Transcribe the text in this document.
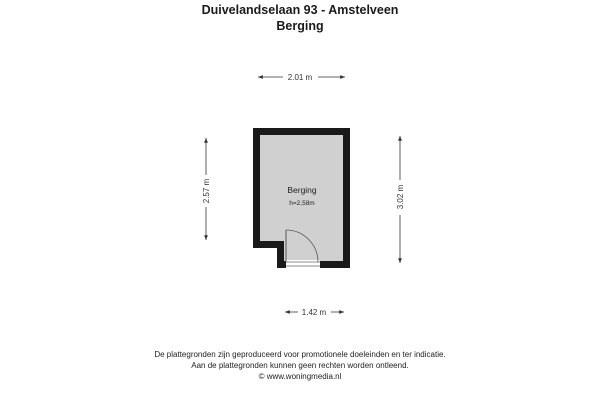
Duivelandselaan 93 - Amstelveen
Berging
2.01 m
2.57 m	3.02 m
1.42 m
Berging
h=2,58m
De plattegronden zijn geproduceerd voor promotionele doeleinden en ter indicatie.
Aan de plattegronden kunnen geen rechten worden ontleend.
© www.woningmedia.nl
